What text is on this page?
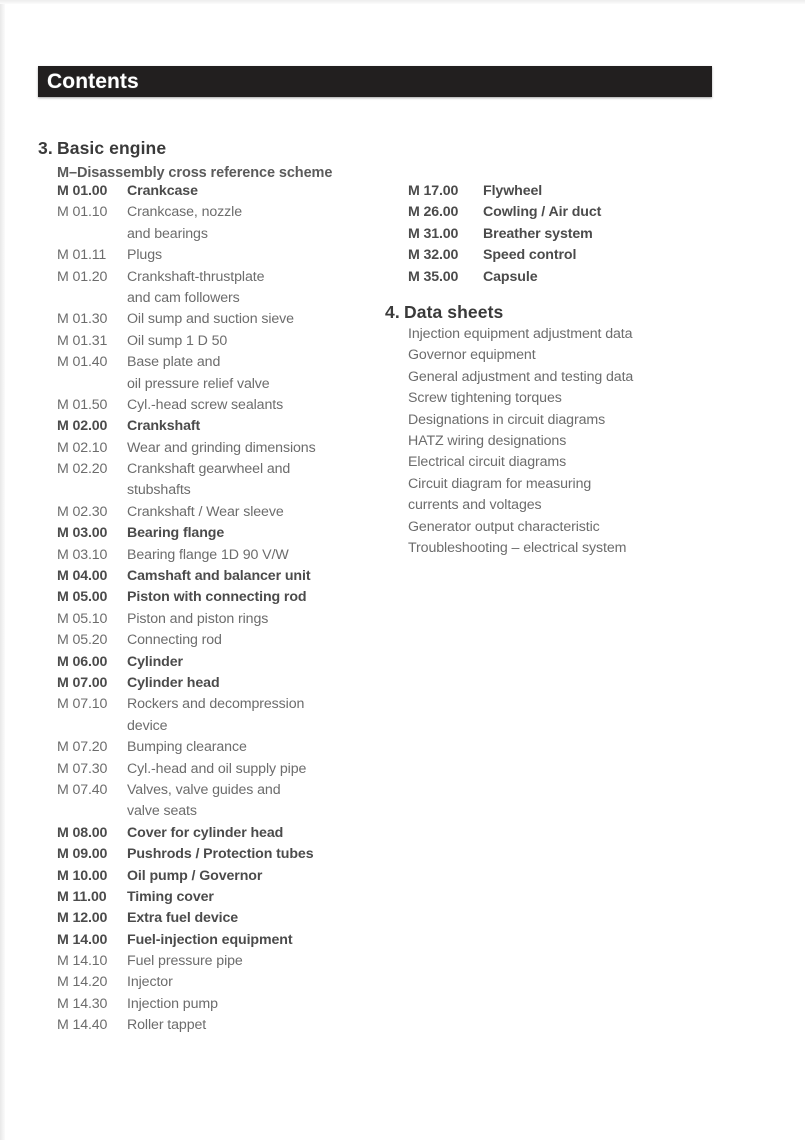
Contents
3. Basic engine
M–Disassembly cross reference scheme
M 01.00	Crankcase
M 01.10	Crankcase, nozzle
and bearings
M 01.11	Plugs
M 01.20	Crankshaft-thrustplate
and cam followers
M 01.30	Oil sump and suction sieve
M 01.31	Oil sump 1 D 50
M 01.40	Base plate and
oil pressure relief valve
M 01.50	Cyl.-head screw sealants
M 02.00	Crankshaft
M 02.10	Wear and grinding dimensions
M 02.20	Crankshaft gearwheel and
stubshafts
M 02.30	Crankshaft / Wear sleeve
M 03.00	Bearing flange
M 03.10	Bearing flange 1D 90 V/W
M 04.00	Camshaft and balancer unit
M 05.00	Piston with connecting rod
M 05.10	Piston and piston rings
M 05.20	Connecting rod
M 06.00	Cylinder
M 07.00	Cylinder head
M 07.10	Rockers and decompression
device
M 07.20	Bumping clearance
M 07.30	Cyl.-head and oil supply pipe
M 07.40	Valves, valve guides and
valve seats
M 08.00	Cover for cylinder head
M 09.00	Pushrods / Protection tubes
M 10.00	Oil pump / Governor
M 11.00	Timing cover
M 12.00	Extra fuel device
M 14.00	Fuel-injection equipment
M 14.10	Fuel pressure pipe
M 14.20	Injector
M 14.30	Injection pump
M 14.40	Roller tappet
M 17.00	Flywheel
M 26.00	Cowling / Air duct
M 31.00	Breather system
M 32.00	Speed control
M 35.00	Capsule
4. Data sheets
Injection equipment adjustment data
Governor equipment
General adjustment and testing data
Screw tightening torques
Designations in circuit diagrams
HATZ wiring designations
Electrical circuit diagrams
Circuit diagram for measuring
currents and voltages
Generator output characteristic
Troubleshooting – electrical system
